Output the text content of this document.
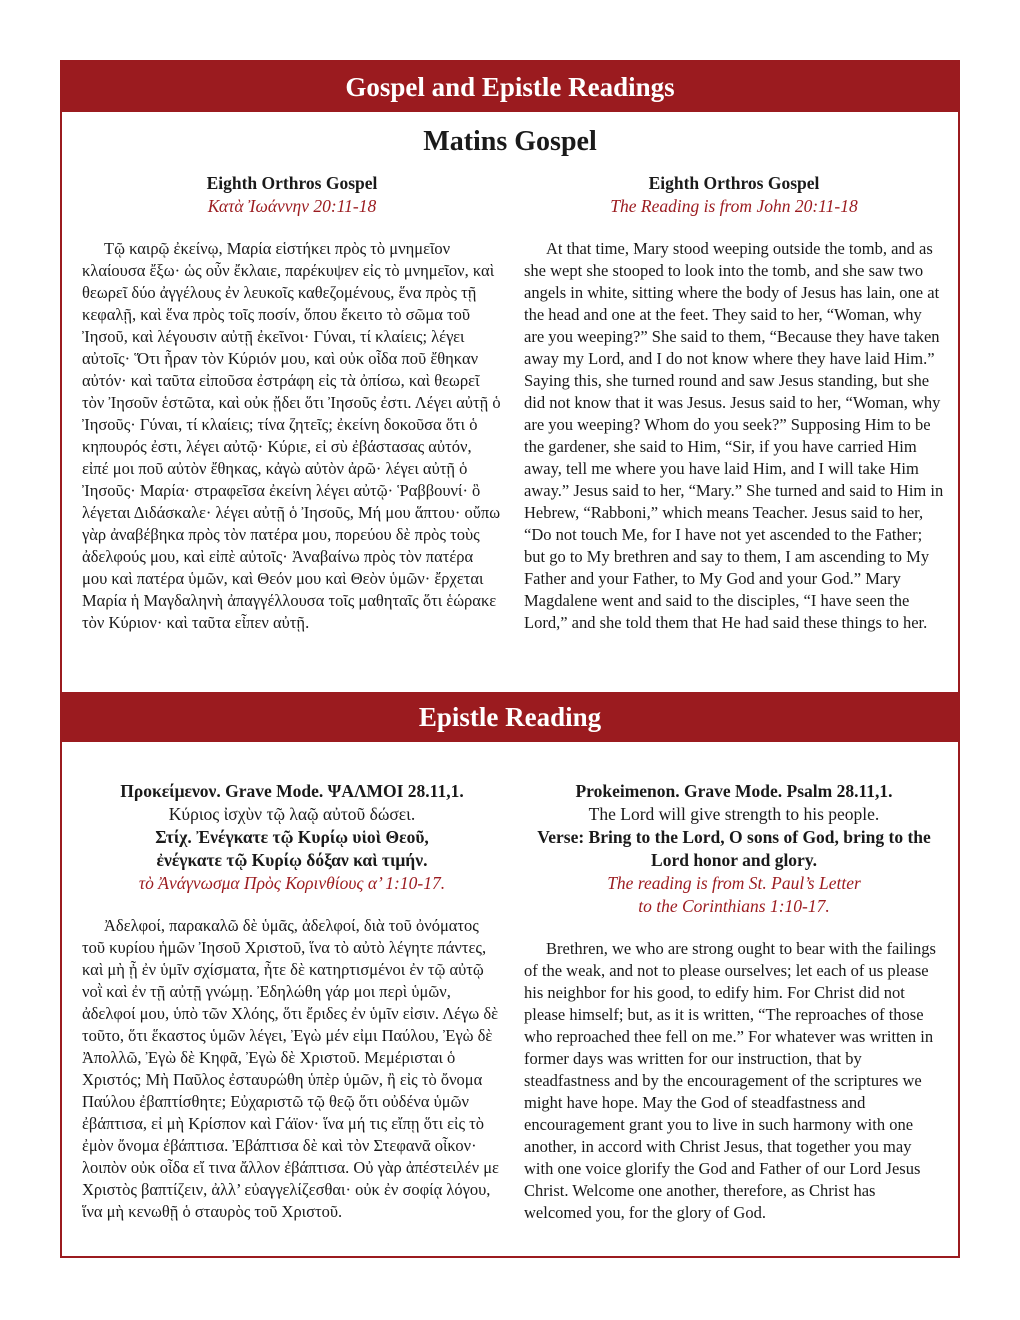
Gospel and Epistle Readings
Matins Gospel
Eighth Orthros Gospel
Κατὰ Ἰωάννην 20:11-18
Τῷ καιρῷ ἐκείνῳ, Μαρία εἱστήκει πρὸς τὸ μνημεῖον κλαίουσα ἔξω· ὡς οὖν ἔκλαιε, παρέκυψεν εἰς τὸ μνημεῖον, καὶ θεωρεῖ δύο ἀγγέλους ἐν λευκοῖς καθεζομένους, ἕνα πρὸς τῇ κεφαλῇ, καὶ ἕνα πρὸς τοῖς ποσίν, ὅπου ἔκειτο τὸ σῶμα τοῦ Ἰησοῦ, καὶ λέγουσιν αὐτῇ ἐκεῖνοι· Γύναι, τί κλαίεις; λέγει αὐτοῖς· Ὅτι ἦραν τὸν Κύριόν μου, καὶ οὐκ οἶδα ποῦ ἔθηκαν αὐτόν· καὶ ταῦτα εἰποῦσα ἐστράφη εἰς τὰ ὀπίσω, καὶ θεωρεῖ τὸν Ἰησοῦν ἑστῶτα, καὶ οὐκ ᾔδει ὅτι Ἰησοῦς ἐστι. Λέγει αὐτῇ ὁ Ἰησοῦς· Γύναι, τί κλαίεις; τίνα ζητεῖς; ἐκείνη δοκοῦσα ὅτι ὁ κηπουρός ἐστι, λέγει αὐτῷ· Κύριε, εἰ σὺ ἐβάστασας αὐτόν, εἰπέ μοι ποῦ αὐτὸν ἔθηκας, κἀγὼ αὐτὸν ἀρῶ· λέγει αὐτῇ ὁ Ἰησοῦς· Μαρία· στραφεῖσα ἐκείνη λέγει αὐτῷ· Ῥαββουνί· ὃ λέγεται Διδάσκαλε· λέγει αὐτῇ ὁ Ἰησοῦς, Μή μου ἅπτου· οὔπω γὰρ ἀναβέβηκα πρὸς τὸν πατέρα μου, πορεύου δὲ πρὸς τοὺς ἀδελφούς μου, καὶ εἰπὲ αὐτοῖς· Ἀναβαίνω πρὸς τὸν πατέρα μου καὶ πατέρα ὑμῶν, καὶ Θεόν μου καὶ Θεὸν ὑμῶν· ἔρχεται Μαρία ἡ Μαγδαληνὴ ἀπαγγέλλουσα τοῖς μαθηταῖς ὅτι ἑώρακε τὸν Κύριον· καὶ ταῦτα εἶπεν αὐτῇ.
Eighth Orthros Gospel
The Reading is from John 20:11-18
At that time, Mary stood weeping outside the tomb, and as she wept she stooped to look into the tomb, and she saw two angels in white, sitting where the body of Jesus has lain, one at the head and one at the feet. They said to her, “Woman, why are you weeping?” She said to them, “Because they have taken away my Lord, and I do not know where they have laid Him.” Saying this, she turned round and saw Jesus standing, but she did not know that it was Jesus. Jesus said to her, “Woman, why are you weeping? Whom do you seek?” Supposing Him to be the gardener, she said to Him, “Sir, if you have carried Him away, tell me where you have laid Him, and I will take Him away.” Jesus said to her, “Mary.” She turned and said to Him in Hebrew, “Rabboni,” which means Teacher. Jesus said to her, “Do not touch Me, for I have not yet ascended to the Father; but go to My brethren and say to them, I am ascending to My Father and your Father, to My God and your God.” Mary Magdalene went and said to the disciples, “I have seen the Lord,” and she told them that He had said these things to her.
Epistle Reading
Προκείμενον. Grave Mode. ΨΑΛΜΟΙ 28.11,1.
Κύριος ἰσχὺν τῷ λαῷ αὐτοῦ δώσει.
Στίχ. Ἐνέγκατε τῷ Κυρίῳ υἱοὶ Θεοῦ,
ἐνέγκατε τῷ Κυρίῳ δόξαν καὶ τιμήν.
τὸ Ἀνάγνωσμα Πρὸς Κορινθίους α’ 1:10-17.
Ἀδελφοί, παρακαλῶ δὲ ὑμᾶς, ἀδελφοί, διὰ τοῦ ὀνόματος τοῦ κυρίου ἡμῶν Ἰησοῦ Χριστοῦ, ἵνα τὸ αὐτὸ λέγητε πάντες, καὶ μὴ ᾖ ἐν ὑμῖν σχίσματα, ἦτε δὲ κατηρτισμένοι ἐν τῷ αὐτῷ νοῒ καὶ ἐν τῇ αὐτῇ γνώμῃ. Ἐδηλώθη γάρ μοι περὶ ὑμῶν, ἀδελφοί μου, ὑπὸ τῶν Χλόης, ὅτι ἔριδες ἐν ὑμῖν εἰσιν. Λέγω δὲ τοῦτο, ὅτι ἕκαστος ὑμῶν λέγει, Ἐγὼ μέν εἰμι Παύλου, Ἐγὼ δὲ Ἀπολλῶ, Ἐγὼ δὲ Κηφᾶ, Ἐγὼ δὲ Χριστοῦ. Μεμέρισται ὁ Χριστός; Μὴ Παῦλος ἐσταυρώθη ὑπὲρ ὑμῶν, ἢ εἰς τὸ ὄνομα Παύλου ἐβαπτίσθητε; Εὐχαριστῶ τῷ θεῷ ὅτι οὐδένα ὑμῶν ἐβάπτισα, εἰ μὴ Κρίσπον καὶ Γάϊον· ἵνα μή τις εἴπῃ ὅτι εἰς τὸ ἐμὸν ὄνομα ἐβάπτισα. Ἐβάπτισα δὲ καὶ τὸν Στεφανᾶ οἶκον· λοιπὸν οὐκ οἶδα εἴ τινα ἄλλον ἐβάπτισα. Οὐ γὰρ ἀπέστειλέν με Χριστὸς βαπτίζειν, ἀλλ’ εὐαγγελίζεσθαι· οὐκ ἐν σοφίᾳ λόγου, ἵνα μὴ κενωθῇ ὁ σταυρὸς τοῦ Χριστοῦ.
Prokeimenon. Grave Mode. Psalm 28.11,1.
The Lord will give strength to his people.
Verse: Bring to the Lord, O sons of God, bring to the Lord honor and glory.
The reading is from St. Paul’s Letter
to the Corinthians 1:10-17.
Brethren, we who are strong ought to bear with the failings of the weak, and not to please ourselves; let each of us please his neighbor for his good, to edify him. For Christ did not please himself; but, as it is written, “The reproaches of those who reproached thee fell on me.” For whatever was written in former days was written for our instruction, that by steadfastness and by the encouragement of the scriptures we might have hope. May the God of steadfastness and encouragement grant you to live in such harmony with one another, in accord with Christ Jesus, that together you may with one voice glorify the God and Father of our Lord Jesus Christ. Welcome one another, therefore, as Christ has welcomed you, for the glory of God.
